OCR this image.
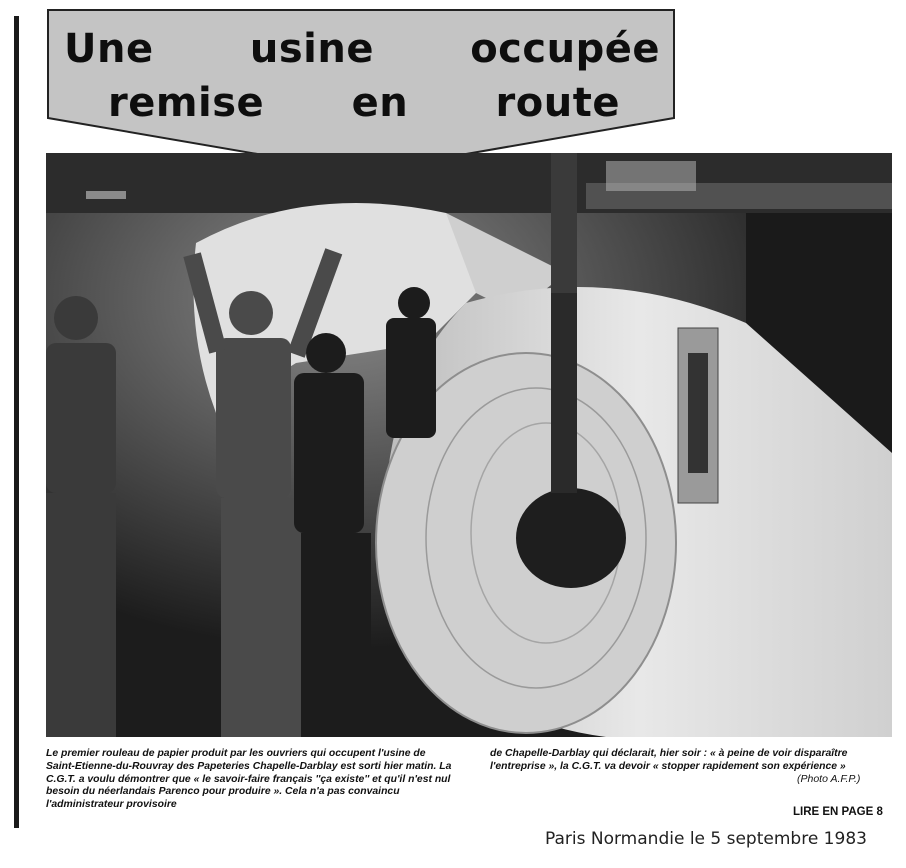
Une usine occupée
remise en route
Le premier rouleau de papier produit par les ouvriers qui occupent l'usine de Saint-Etienne-du-Rouvray des Papeteries Chapelle-Darblay est sorti hier matin. La C.G.T. a voulu démontrer que « le savoir-faire français ''ça existe'' et qu'il n'est nul besoin du néerlandais Parenco pour produire ». Cela n'a pas convaincu l'administrateur provisoire
de Chapelle-Darblay qui déclarait, hier soir : « à peine de voir disparaître l'entreprise », la C.G.T. va devoir « stopper rapidement son expérience »
(Photo A.F.P.)
LIRE EN PAGE 8
Paris Normandie le 5 septembre 1983
